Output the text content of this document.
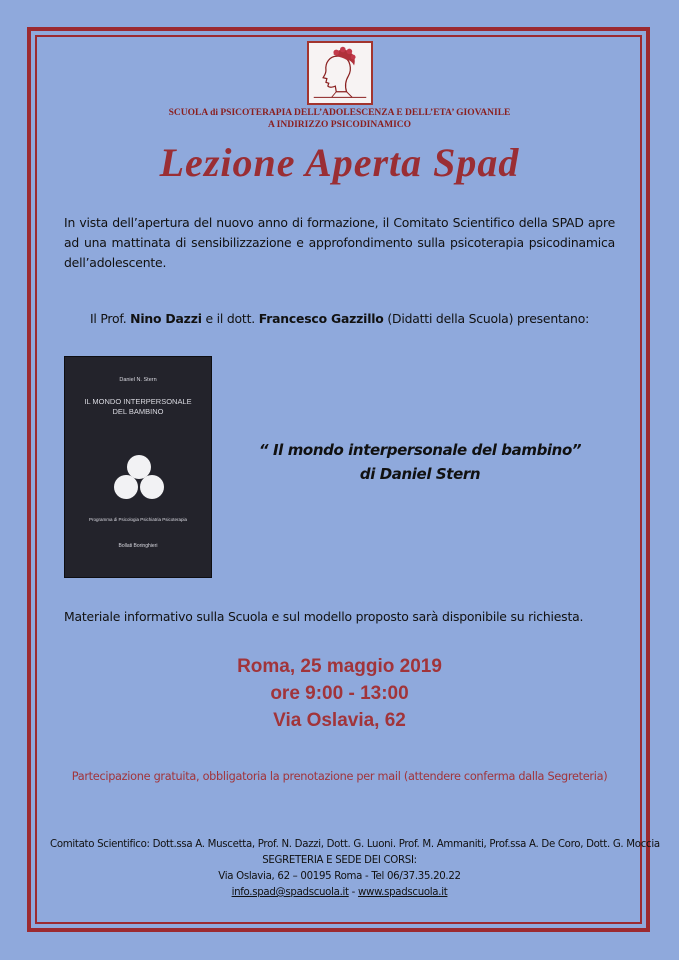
SCUOLA di PSICOTERAPIA DELL’ADOLESCENZA E DELL’ETA’ GIOVANILE
A INDIRIZZO PSICODINAMICO
Lezione Aperta Spad
In vista dell’apertura del nuovo anno di formazione, il Comitato Scientifico della SPAD apre ad una mattinata di sensibilizzazione e approfondimento sulla psicoterapia psicodinamica dell’adolescente.
Il Prof. Nino Dazzi e il dott. Francesco Gazzillo (Didatti della Scuola) presentano:
Daniel N. Stern
IL MONDO INTERPERSONALE
DEL BAMBINO
Programma di Psicologia Psichiatria Psicoterapia
Bollati Boringhieri
“ Il mondo interpersonale del bambino”
di Daniel Stern
Materiale informativo sulla Scuola e sul modello proposto sarà disponibile su richiesta.
Roma, 25 maggio 2019
ore 9:00 - 13:00
Via Oslavia, 62
Partecipazione gratuita, obbligatoria la prenotazione per mail (attendere conferma dalla Segreteria)
Comitato Scientifico: Dott.ssa A. Muscetta, Prof. N. Dazzi, Dott. G. Luoni. Prof. M. Ammaniti, Prof.ssa A. De Coro, Dott. G. Moccia
SEGRETERIA E SEDE DEI CORSI:
Via Oslavia, 62 – 00195 Roma - Tel 06/37.35.20.22
info.spad@spadscuola.it - www.spadscuola.it
